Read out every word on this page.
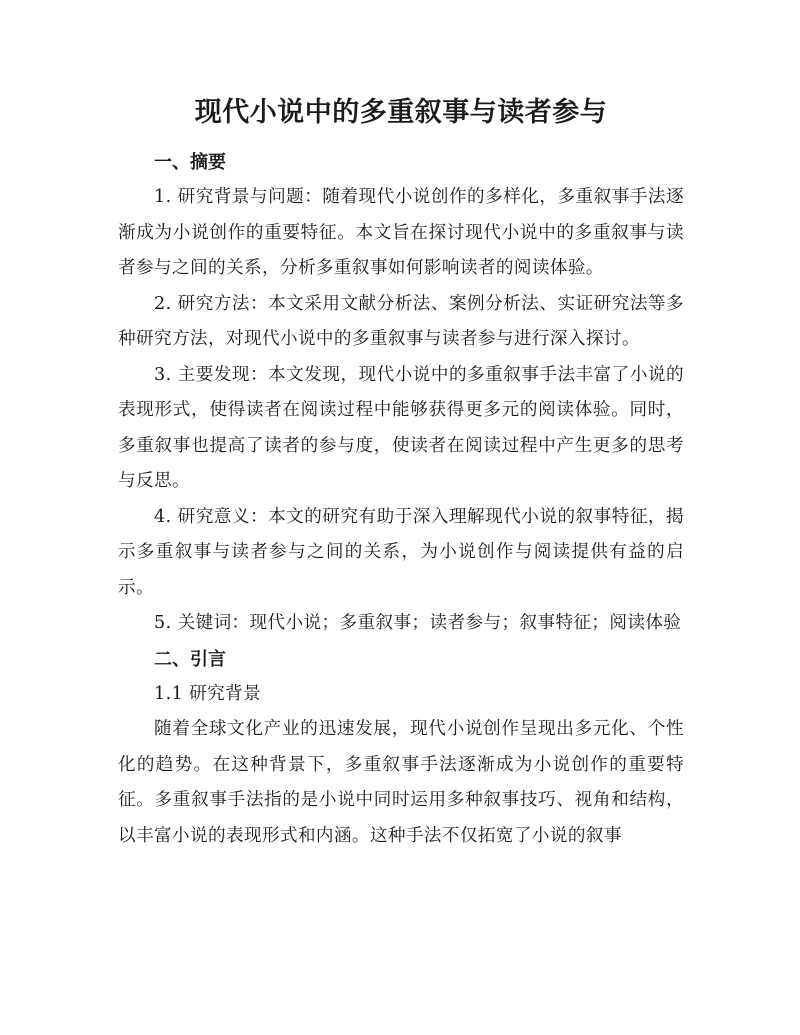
现代小说中的多重叙事与读者参与
一、摘要

1. 研究背景与问题：随着现代小说创作的多样化，多重叙事手法逐渐成为小说创作的重要特征。本文旨在探讨现代小说中的多重叙事与读者参与之间的关系，分析多重叙事如何影响读者的阅读体验。

2. 研究方法：本文采用文献分析法、案例分析法、实证研究法等多种研究方法，对现代小说中的多重叙事与读者参与进行深入探讨。

3. 主要发现：本文发现，现代小说中的多重叙事手法丰富了小说的表现形式，使得读者在阅读过程中能够获得更多元的阅读体验。同时，多重叙事也提高了读者的参与度，使读者在阅读过程中产生更多的思考与反思。

4. 研究意义：本文的研究有助于深入理解现代小说的叙事特征，揭示多重叙事与读者参与之间的关系，为小说创作与阅读提供有益的启示。

5. 关键词：现代小说；多重叙事；读者参与；叙事特征；阅读体验

二、引言

1.1 研究背景

随着全球文化产业的迅速发展，现代小说创作呈现出多元化、个性化的趋势。在这种背景下，多重叙事手法逐渐成为小说创作的重要特征。多重叙事手法指的是小说中同时运用多种叙事技巧、视角和结构，以丰富小说的表现形式和内涵。这种手法不仅拓宽了小说的叙事
